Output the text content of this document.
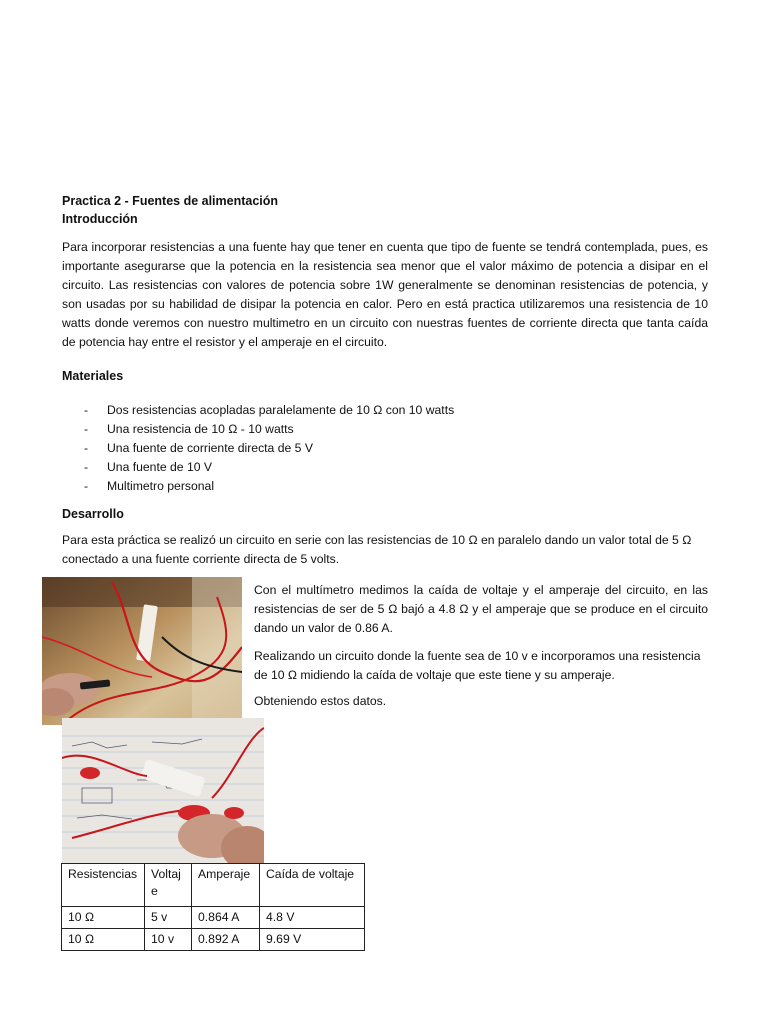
Practica 2 - Fuentes de alimentación
Introducción
Para incorporar resistencias a una fuente hay que tener en cuenta que tipo de fuente se tendrá contemplada, pues, es importante asegurarse que la potencia en la resistencia sea menor que el valor máximo de potencia a disipar en el circuito. Las resistencias con valores de potencia sobre 1W generalmente se denominan resistencias de potencia, y son usadas por su habilidad de disipar la potencia en calor. Pero en está practica utilizaremos una resistencia de 10 watts donde veremos con nuestro multimetro en un circuito con nuestras fuentes de corriente directa que tanta caída de potencia hay entre el resistor y el amperaje en el circuito.
Materiales
- Dos resistencias acopladas paralelamente de 10 Ω con 10 watts
- Una resistencia de 10 Ω - 10 watts
- Una fuente de corriente directa de 5 V
- Una fuente de 10 V
- Multimetro personal
Desarrollo
Para esta práctica se realizó un circuito en serie con las resistencias de 10 Ω en paralelo dando un valor total de 5 Ω conectado a una fuente corriente directa de 5 volts.
Con el multímetro medimos la caída de voltaje y el amperaje del circuito, en las resistencias de ser de 5 Ω bajó a 4.8 Ω y el amperaje que se produce en el circuito dando un valor de 0.86 A.
Realizando un circuito donde la fuente sea de 10 v e incorporamos una resistencia de 10 Ω midiendo la caída de voltaje que este tiene y su amperaje.
Obteniendo estos datos.
Resistencias	Voltaje	Amperaje	Caída de voltaje
10 Ω	5 v	0.864 A	4.8 V
10 Ω	10 v	0.892 A	9.69 V
